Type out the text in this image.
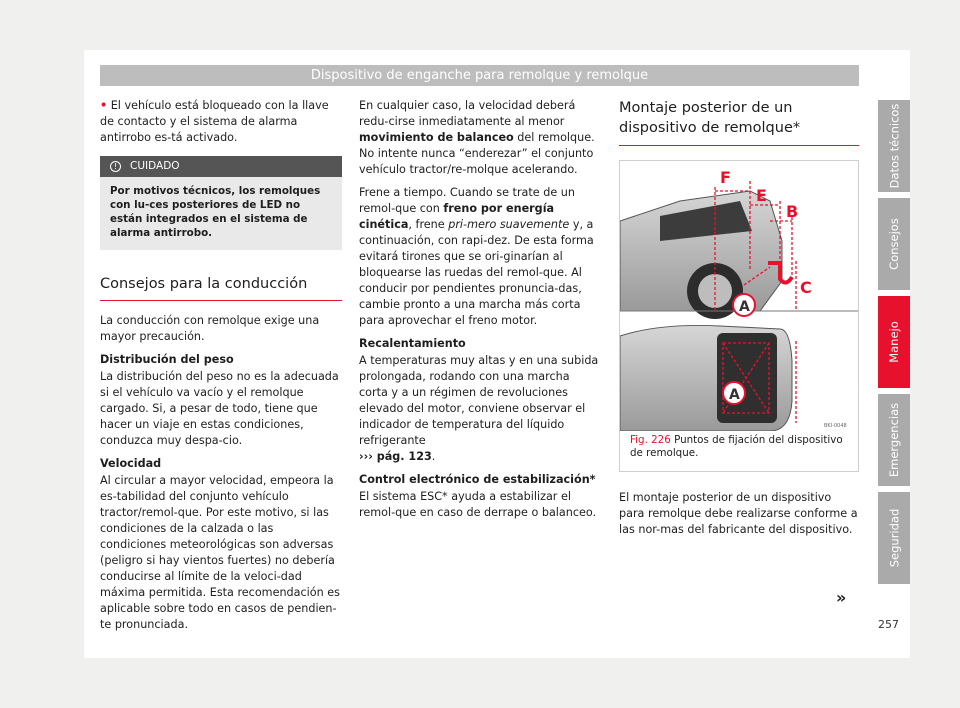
Dispositivo de enganche para remolque y remolque

• El vehículo está bloqueado con la llave de contacto y el sistema de alarma antirrobo es-tá activado.

!	CUIDADO
Por motivos técnicos, los remolques con lu-ces posteriores de LED no están integrados en el sistema de alarma antirrobo.
Consejos para la conducción

La conducción con remolque exige una mayor precaución.

Distribución del peso

La distribución del peso no es la adecuada si el vehículo va vacío y el remolque cargado. Si, a pesar de todo, tiene que hacer un viaje en estas condiciones, conduzca muy despa-cio.

Velocidad

Al circular a mayor velocidad, empeora la es-tabilidad del conjunto vehículo tractor/remol-que. Por este motivo, si las condiciones de la calzada o las condiciones meteorológicas son adversas (peligro si hay vientos fuertes) no debería conducirse al límite de la veloci-dad máxima permitida. Esta recomendación es aplicable sobre todo en casos de pendien-te pronunciada.

En cualquier caso, la velocidad deberá redu-cirse inmediatamente al menor movimiento de balanceo del remolque. No intente nunca “enderezar” el conjunto vehículo tractor/re-molque acelerando.

Frene a tiempo. Cuando se trate de un remol-que con freno por energía cinética, frene pri-mero suavemente y, a continuación, con rapi-dez. De esta forma evitará tirones que se ori-ginarían al bloquearse las ruedas del remol-que. Al conducir por pendientes pronuncia-das, cambie pronto a una marcha más corta para aprovechar el freno motor.

Recalentamiento

A temperaturas muy altas y en una subida prolongada, rodando con una marcha corta y a un régimen de revoluciones elevado del motor, conviene observar el indicador de temperatura del líquido refrigerante
››› pág. 123.

Control electrónico de estabilización*

El sistema ESC* ayuda a estabilizar el remol-que en caso de derrape o balanceo.

Montaje posterior de un dispositivo de remolque*
F
E
B
C
A
A
BKI-0048
Fig. 226 Puntos de fijación del dispositivo de remolque.

El montaje posterior de un dispositivo para remolque debe realizarse conforme a las nor-mas del fabricante del dispositivo.

»
257
Datos técnicos
Consejos
Manejo
Emergencias
Seguridad
